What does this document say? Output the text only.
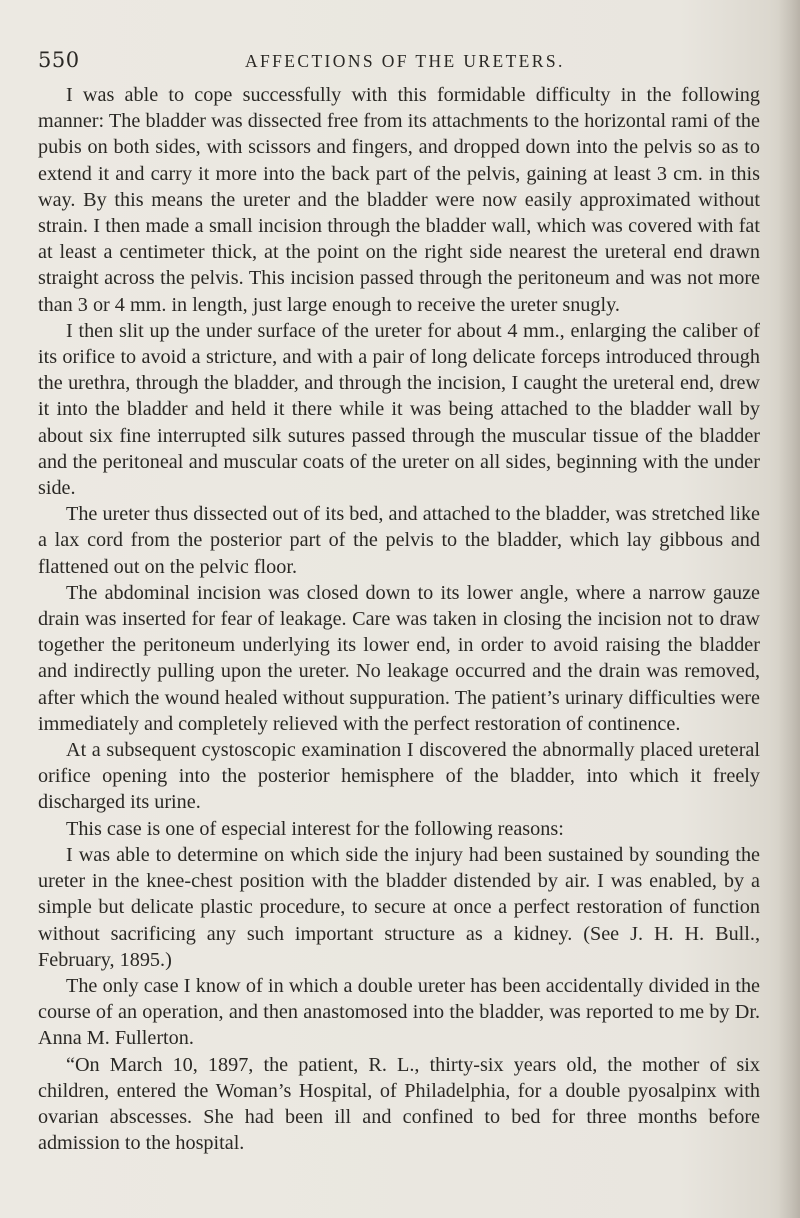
550	AFFECTIONS OF THE URETERS.

I was able to cope successfully with this formidable difficulty in the following manner: The bladder was dissected free from its attachments to the horizontal rami of the pubis on both sides, with scissors and fingers, and dropped down into the pelvis so as to extend it and carry it more into the back part of the pelvis, gaining at least 3 cm. in this way. By this means the ureter and the bladder were now easily approximated without strain. I then made a small incision through the bladder wall, which was covered with fat at least a centimeter thick, at the point on the right side nearest the ureteral end drawn straight across the pelvis. This incision passed through the peritoneum and was not more than 3 or 4 mm. in length, just large enough to receive the ureter snugly.

I then slit up the under surface of the ureter for about 4 mm., enlarging the caliber of its orifice to avoid a stricture, and with a pair of long delicate forceps introduced through the urethra, through the bladder, and through the incision, I caught the ureteral end, drew it into the bladder and held it there while it was being attached to the bladder wall by about six fine interrupted silk sutures passed through the muscular tissue of the bladder and the peritoneal and muscular coats of the ureter on all sides, beginning with the under side.

The ureter thus dissected out of its bed, and attached to the bladder, was stretched like a lax cord from the posterior part of the pelvis to the bladder, which lay gibbous and flattened out on the pelvic floor.

The abdominal incision was closed down to its lower angle, where a narrow gauze drain was inserted for fear of leakage. Care was taken in closing the incision not to draw together the peritoneum underlying its lower end, in order to avoid raising the bladder and indirectly pulling upon the ureter. No leakage occurred and the drain was removed, after which the wound healed without suppuration. The patient’s urinary difficulties were immediately and completely relieved with the perfect restoration of continence.

At a subsequent cystoscopic examination I discovered the abnormally placed ureteral orifice opening into the posterior hemisphere of the bladder, into which it freely discharged its urine.

This case is one of especial interest for the following reasons:

I was able to determine on which side the injury had been sustained by sounding the ureter in the knee-chest position with the bladder distended by air. I was enabled, by a simple but delicate plastic procedure, to secure at once a perfect restoration of function without sacrificing any such important structure as a kidney. (See J. H. H. Bull., February, 1895.)

The only case I know of in which a double ureter has been accidentally divided in the course of an operation, and then anastomosed into the bladder, was reported to me by Dr. Anna M. Fullerton.

“On March 10, 1897, the patient, R. L., thirty-six years old, the mother of six children, entered the Woman’s Hospital, of Philadelphia, for a double pyosalpinx with ovarian abscesses. She had been ill and confined to bed for three months before admission to the hospital.
